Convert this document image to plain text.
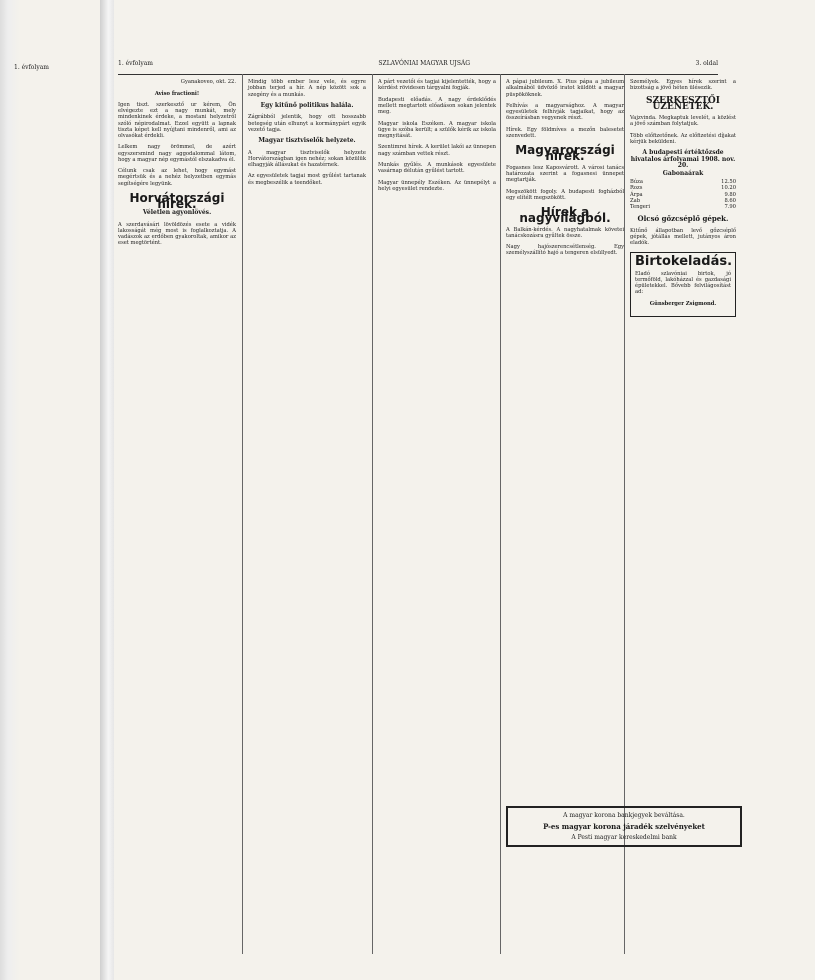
1. évfolyam
1. évfolyam	SZLAVÓNIAI MAGYAR UJSÁG	3. oldal

Gyanakoveo, okt. 22.

Aviso fractioni!

Igen tiszt. szerkesztő ur kérem, Ön elvégezte ezt a nagy munkát, mely mindenkinek érdeke, a mostani helyzetről szóló népirodalmat. Ezzel együtt a lapnak tiszta képet kell nyújtani mindenről, ami az olvasókat érdekli.

Lelkem nagy örömmel, de azért egyszersmind nagy aggodalommal látom, hogy a magyar nép egymástól elszakadva él.

Célunk csak az lehet, hogy egymást megértsük és a nehéz helyzetben egymás segítségére legyünk.

Horvátországi hírek.
Véletlen agyonlövés.

A szerdavásári lövöldözés esete a vidék lakosságát még most is foglalkoztatja. A vadászok az erdőben gyakoroltak, amikor az eset megtörtént.

Mindig több ember lesz vele, és egyre jobban terjed a hír. A nép között sok a szegény és a munkás.

Egy kitűnő politikus halála.

Zágrábból jelentik, hogy ott hosszabb betegség után elhunyt a kormánypárt egyik vezető tagja.

Magyar tisztviselők helyzete.

A magyar tisztviselők helyzete Horvátországban igen nehéz; sokan közülük elhagyják állásukat és hazatérnek.

Az egyesületek tagjai most gyűlést tartanak és megbeszélik a teendőket.

A párt vezetői és tagjai kijelentették, hogy a kérdést rövidesen tárgyalni fogják.

Budapesti előadás. A nagy érdeklődés mellett megtartott előadáson sokan jelentek meg.

Magyar iskola Eszéken. A magyar iskola ügye is szóba került; a szülők kérik az iskola megnyitását.

Szentimrei hírek. A kerület lakói az ünnepen nagy számban vettek részt.

Munkás gyűlés. A munkások egyesülete vasárnap délután gyűlést tartott.

Magyar ünnepély Eszéken. Az ünnepélyt a helyi egyesület rendezte.

A pápai jubileum. X. Pius pápa a jubileum alkalmából üdvözlő iratot küldött a magyar püspököknek.

Felhívás a magyarsághoz. A magyar egyesületek felhívják tagjaikat, hogy az összeírásban vegyenek részt.

Hírek. Egy földmíves a mezőn balesetet szenvedett.

Magyarországi hírek.

Fogasnes lesz Kaposvárott. A városi tanács határozata szerint a fogasnesi ünnepet megtartják.

Megszökött fogoly. A budapesti fogházból egy elítélt megszökött.

Hírek a nagyvilágból.

A Balkán-kérdés. A nagyhatalmak követei tanácskozásra gyűltek össze.

Nagy hajószerencsétlenség. Egy személyszállító hajó a tengeren elsüllyedt.

Személyek. Egyes hírek szerint a bizottság a jövő héten ülésezik.

SZERKESZTŐI ÜZENETEK.

Vajzvinda. Megkaptuk levelét, a közlést a jövő számban folytatjuk.

Több előfizetőnek. Az előfizetési díjakat kérjük beküldeni.

A budapesti értéktőzsde hivatalos árfolyamai 1908. nov. 20.
Gabonaárak
Búza	12.50
Rozs	10.20
Árpa	9.80
Zab	8.60
Tengeri	7.90
Olcsó gőzcséplő gépek.

Kitűnő állapotban levő gőzcséplő gépek, jótállás mellett, jutányos áron eladók.

Birtokeladás.

Eladó szlavóniai birtok, jó termőföld, lakóházzal és gazdasági épületekkel. Bővebb felvilágosítást ad:

Günsberger Zsigmond.

A magyar korona bankjegyek beváltása.
P-es magyar korona járadék szelvényeket
A Pesti magyar kereskedelmi bank
